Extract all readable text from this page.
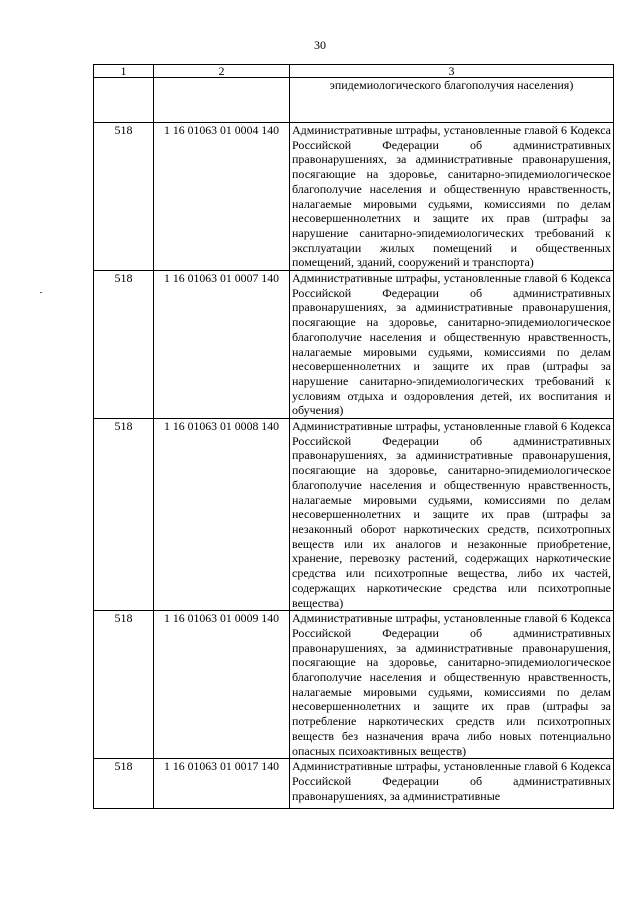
30
1	2	3
		эпидемиологического благополучия населения)
518	1 16 01063 01 0004 140	Административные штрафы, установленные главой 6 Кодекса Российской Федерации об административных правонарушениях, за административные правонарушения, посягающие на здоровье, санитарно-эпидемиологическое благополучие населения и общественную нравственность, налагаемые мировыми судьями, комиссиями по делам несовершеннолетних и защите их прав (штрафы за нарушение санитарно-эпидемиологических требований к эксплуатации жилых помещений и общественных помещений, зданий, сооружений и транспорта)
518	1 16 01063 01 0007 140	Административные штрафы, установленные главой 6 Кодекса Российской Федерации об административных правонарушениях, за административные правонарушения, посягающие на здоровье, санитарно-эпидемиологическое благополучие населения и общественную нравственность, налагаемые мировыми судьями, комиссиями по делам несовершеннолетних и защите их прав (штрафы за нарушение санитарно-эпидемиологических требований к условиям отдыха и оздоровления детей, их воспитания и обучения)
518	1 16 01063 01 0008 140	Административные штрафы, установленные главой 6 Кодекса Российской Федерации об административных правонарушениях, за административные правонарушения, посягающие на здоровье, санитарно-эпидемиологическое благополучие населения и общественную нравственность, налагаемые мировыми судьями, комиссиями по делам несовершеннолетних и защите их прав (штрафы за незаконный оборот наркотических средств, психотропных веществ или их аналогов и незаконные приобретение, хранение, перевозку растений, содержащих наркотические средства или психотропные вещества, либо их частей, содержащих наркотические средства или психотропные вещества)
518	1 16 01063 01 0009 140	Административные штрафы, установленные главой 6 Кодекса Российской Федерации об административных правонарушениях, за административные правонарушения, посягающие на здоровье, санитарно-эпидемиологическое благополучие населения и общественную нравственность, налагаемые мировыми судьями, комиссиями по делам несовершеннолетних и защите их прав (штрафы за потребление наркотических средств или психотропных веществ без назначения врача либо новых потенциально опасных психоактивных веществ)
518	1 16 01063 01 0017 140	Административные штрафы, установленные главой 6 Кодекса Российской Федерации об административных правонарушениях, за административные
